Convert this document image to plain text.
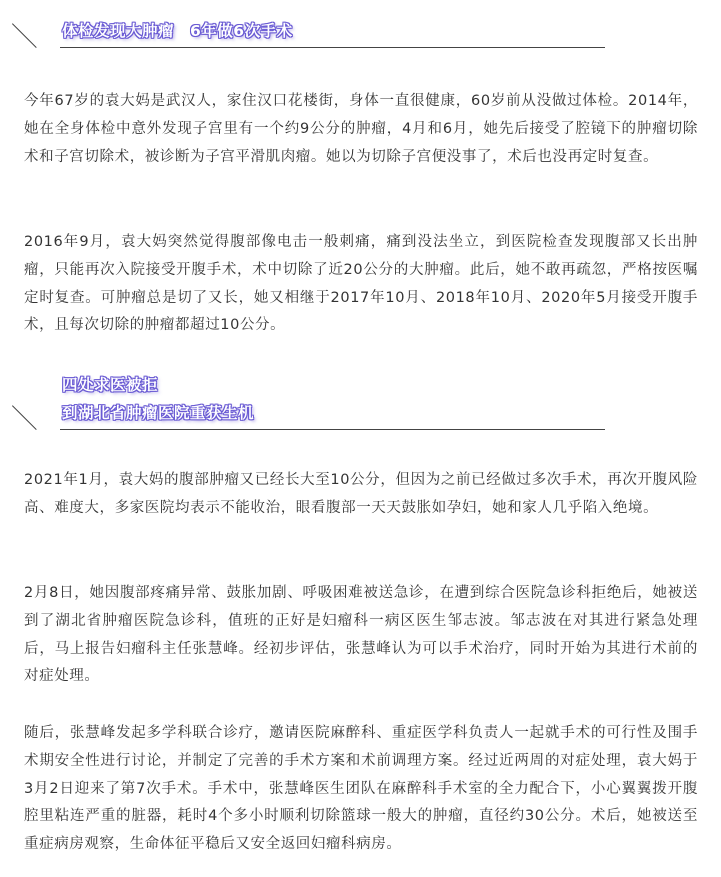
体检发现大肿瘤　6年做6次手术

今年67岁的袁大妈是武汉人，家住汉口花楼街，身体一直很健康，60岁前从没做过体检。2014年，她在全身体检中意外发现子宫里有一个约9公分的肿瘤，4月和6月，她先后接受了腔镜下的肿瘤切除术和子宫切除术，被诊断为子宫平滑肌肉瘤。她以为切除子宫便没事了，术后也没再定时复查。

2016年9月，袁大妈突然觉得腹部像电击一般刺痛，痛到没法坐立，到医院检查发现腹部又长出肿瘤，只能再次入院接受开腹手术，术中切除了近20公分的大肿瘤。此后，她不敢再疏忽，严格按医嘱定时复查。可肿瘤总是切了又长，她又相继于2017年10月、2018年10月、2020年5月接受开腹手术，且每次切除的肿瘤都超过10公分。

四处求医被拒
到湖北省肿瘤医院重获生机

2021年1月，袁大妈的腹部肿瘤又已经长大至10公分，但因为之前已经做过多次手术，再次开腹风险高、难度大，多家医院均表示不能收治，眼看腹部一天天鼓胀如孕妇，她和家人几乎陷入绝境。

2月8日，她因腹部疼痛异常、鼓胀加剧、呼吸困难被送急诊，在遭到综合医院急诊科拒绝后，她被送到了湖北省肿瘤医院急诊科，值班的正好是妇瘤科一病区医生邹志波。邹志波在对其进行紧急处理后，马上报告妇瘤科主任张慧峰。经初步评估，张慧峰认为可以手术治疗，同时开始为其进行术前的对症处理。

随后，张慧峰发起多学科联合诊疗，邀请医院麻醉科、重症医学科负责人一起就手术的可行性及围手术期安全性进行讨论，并制定了完善的手术方案和术前调理方案。经过近两周的对症处理，袁大妈于3月2日迎来了第7次手术。手术中，张慧峰医生团队在麻醉科手术室的全力配合下，小心翼翼拨开腹腔里粘连严重的脏器，耗时4个多小时顺利切除篮球一般大的肿瘤，直径约30公分。术后，她被送至重症病房观察，生命体征平稳后又安全返回妇瘤科病房。
